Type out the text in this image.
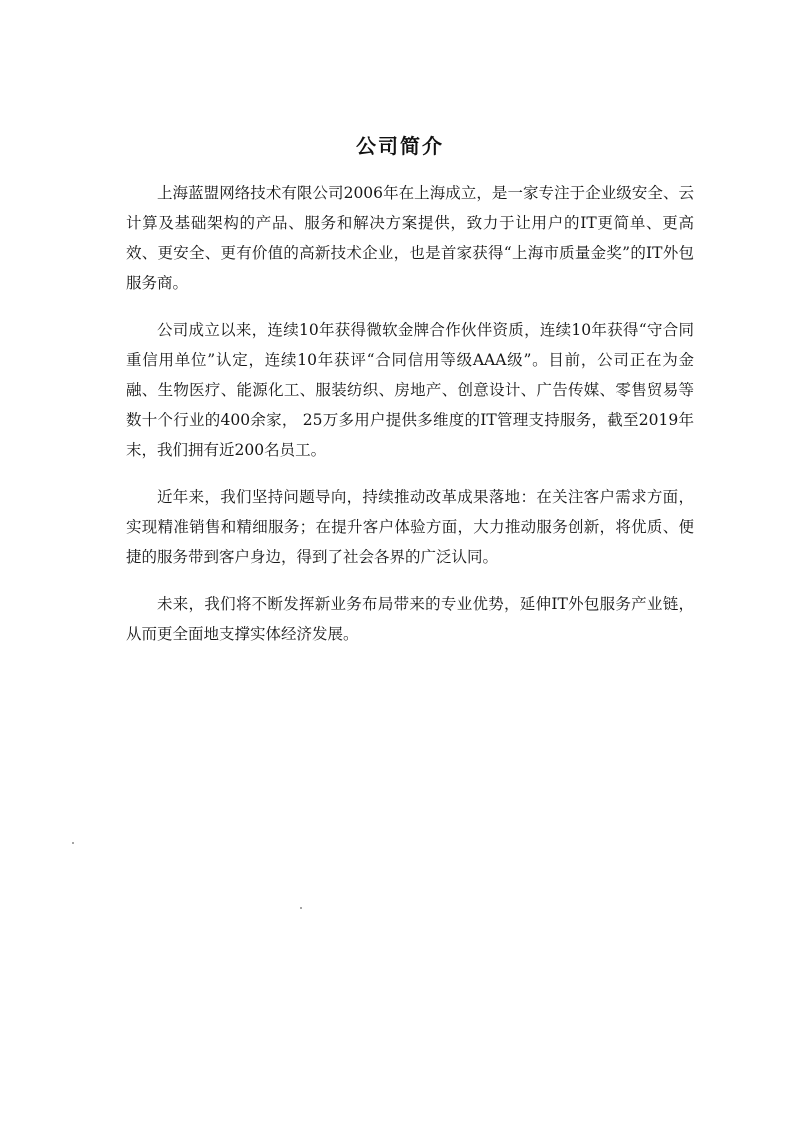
公司简介

上海蓝盟网络技术有限公司2006年在上海成立，是一家专注于企业级安全、云计算及基础架构的产品、服务和解决方案提供，致力于让用户的IT更简单、更高效、更安全、更有价值的高新技术企业，也是首家获得“上海市质量金奖”的IT外包服务商。

公司成立以来，连续10年获得微软金牌合作伙伴资质，连续10年获得“守合同重信用单位”认定，连续10年获评“合同信用等级AAA级”。目前，公司正在为金融、生物医疗、能源化工、服装纺织、房地产、创意设计、广告传媒、零售贸易等数十个行业的400余家， 25万多用户提供多维度的IT管理支持服务，截至2019年末，我们拥有近200名员工。

近年来，我们坚持问题导向，持续推动改革成果落地：在关注客户需求方面，实现精准销售和精细服务；在提升客户体验方面，大力推动服务创新，将优质、便捷的服务带到客户身边，得到了社会各界的广泛认同。

未来，我们将不断发挥新业务布局带来的专业优势，延伸IT外包服务产业链，从而更全面地支撑实体经济发展。
